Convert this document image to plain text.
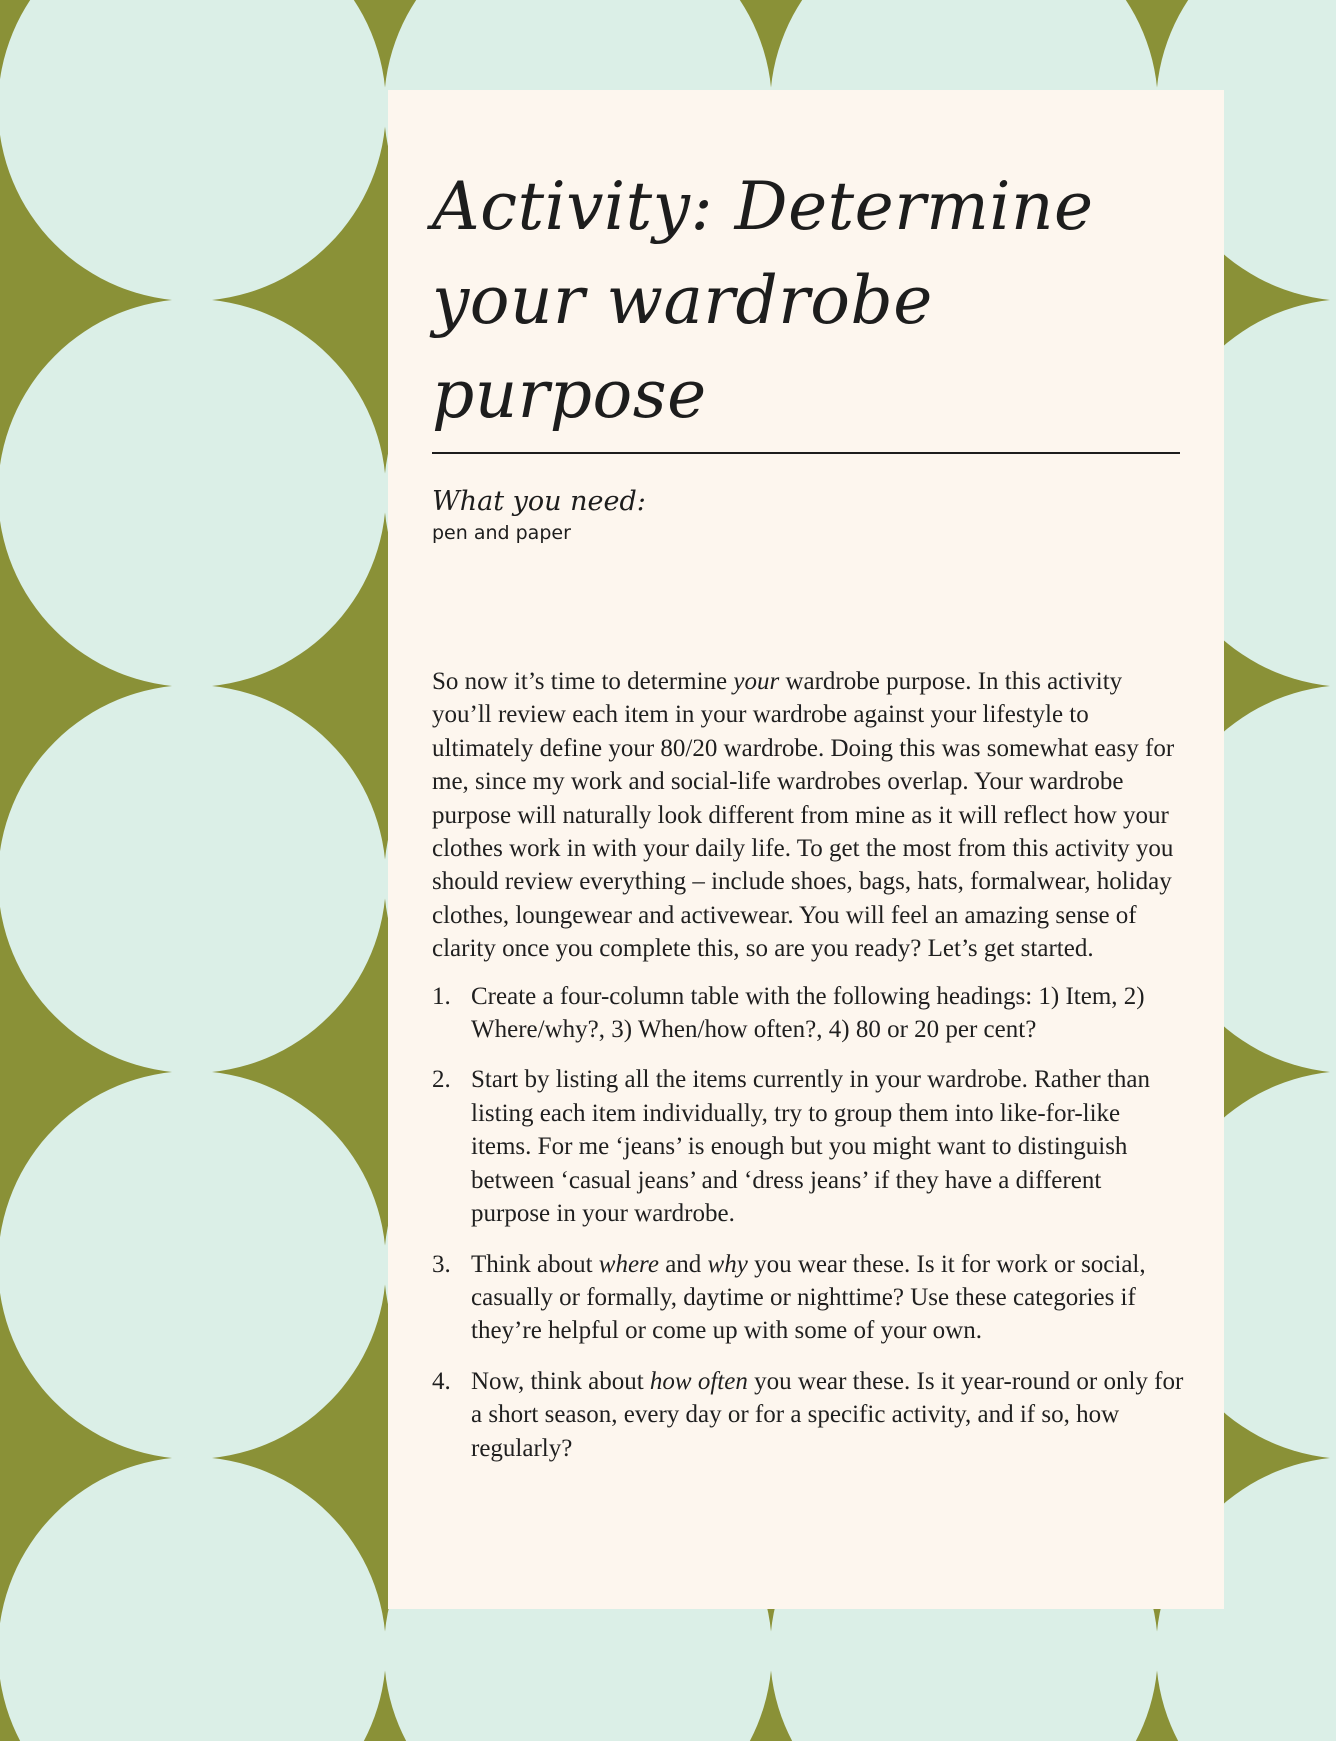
Activity: Determine
your wardrobe purpose
What you need:
pen and paper

So now it’s time to determine your wardrobe purpose. In this activity you’ll review each item in your wardrobe against your lifestyle to ultimately define your 80/20 wardrobe. Doing this was somewhat easy for me, since my work and social-life wardrobes overlap. Your wardrobe purpose will naturally look different from mine as it will reflect how your clothes work in with your daily life. To get the most from this activity you should review everything – include shoes, bags, hats, formalwear, holiday clothes, loungewear and activewear. You will feel an amazing sense of clarity once you complete this, so are you ready? Let’s get started.

1. Create a four-column table with the following headings: 1) Item, 2) Where/why?, 3) When/how often?, 4) 80 or 20 per cent?
2. Start by listing all the items currently in your wardrobe. Rather than listing each item individually, try to group them into like-for-like items. For me ‘jeans’ is enough but you might want to distinguish between ‘casual jeans’ and ‘dress jeans’ if they have a different purpose in your wardrobe.
3. Think about where and why you wear these. Is it for work or social, casually or formally, daytime or nighttime? Use these categories if they’re helpful or come up with some of your own.
4. Now, think about how often you wear these. Is it year-round or only for a short season, every day or for a specific activity, and if so, how regularly?
